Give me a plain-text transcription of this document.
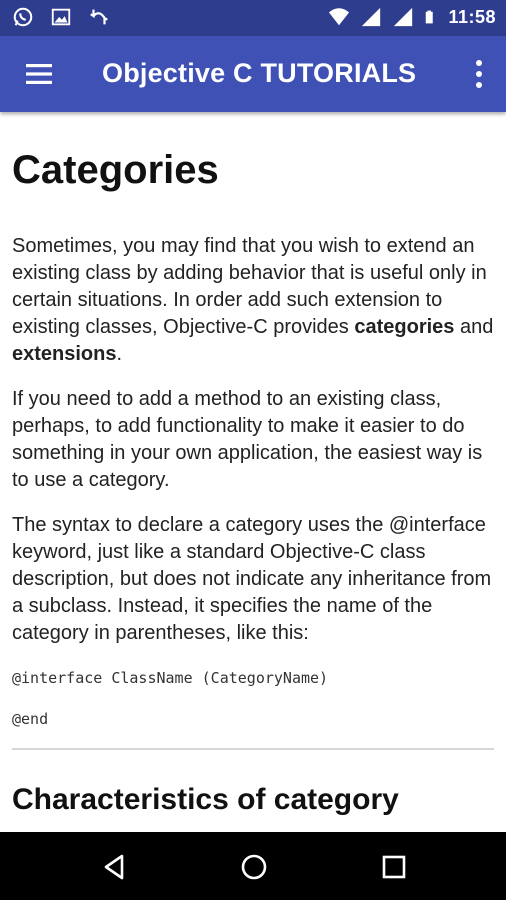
11:58
Objective C TUTORIALS
Categories

Sometimes, you may find that you wish to extend an existing class by adding behavior that is useful only in certain situations. In order add such extension to existing classes, Objective-C provides categories and extensions.

If you need to add a method to an existing class, perhaps, to add functionality to make it easier to do something in your own application, the easiest way is to use a category.

The syntax to declare a category uses the @interface keyword, just like a standard Objective-C class description, but does not indicate any inheritance from a subclass. Instead, it specifies the name of the category in parentheses, like this:

@interface ClassName (CategoryName)
@end
Characteristics of category
